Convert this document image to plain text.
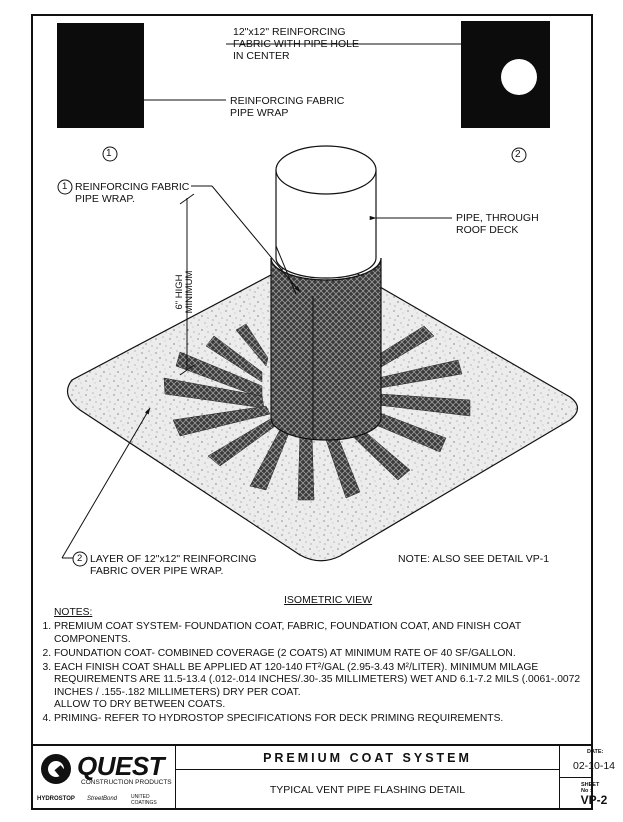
12"x12" REINFORCING
FABRIC WITH PIPE HOLE
IN CENTER
REINFORCING FABRIC
PIPE WRAP
1	2
1 REINFORCING FABRIC
PIPE WRAP.
PIPE, THROUGH
ROOF DECK
6" HIGH
MINIMUM
2 LAYER OF 12"x12" REINFORCING
FABRIC OVER PIPE WRAP.
NOTE: ALSO SEE DETAIL VP-1
ISOMETRIC VIEW
NOTES:
1. PREMIUM COAT SYSTEM- FOUNDATION COAT, FABRIC, FOUNDATION COAT, AND FINISH COAT COMPONENTS.
2. FOUNDATION COAT- COMBINED COVERAGE (2 COATS) AT MINIMUM RATE OF 40 SF/GALLON.
3. EACH FINISH COAT SHALL BE APPLIED AT 120-140 FT²/GAL (2.95-3.43 M²/LITER). MINIMUM MILAGE REQUIREMENTS ARE 11.5-13.4 (.012-.014 INCHES/.30-.35 MILLIMETERS) WET AND 6.1-7.2 MILS (.0061-.0072 INCHES / .155-.182 MILLIMETERS) DRY PER COAT.
ALLOW TO DRY BETWEEN COATS.
4. PRIMING- REFER TO HYDROSTOP SPECIFICATIONS FOR DECK PRIMING REQUIREMENTS.
QUEST
CONSTRUCTION PRODUCTS
HYDROSTOP StreetBond	UNITED COATINGS
PREMIUM COAT SYSTEM
TYPICAL VENT PIPE FLASHING DETAIL
DATE:
02-10-14
SHEET No :
VP-2
